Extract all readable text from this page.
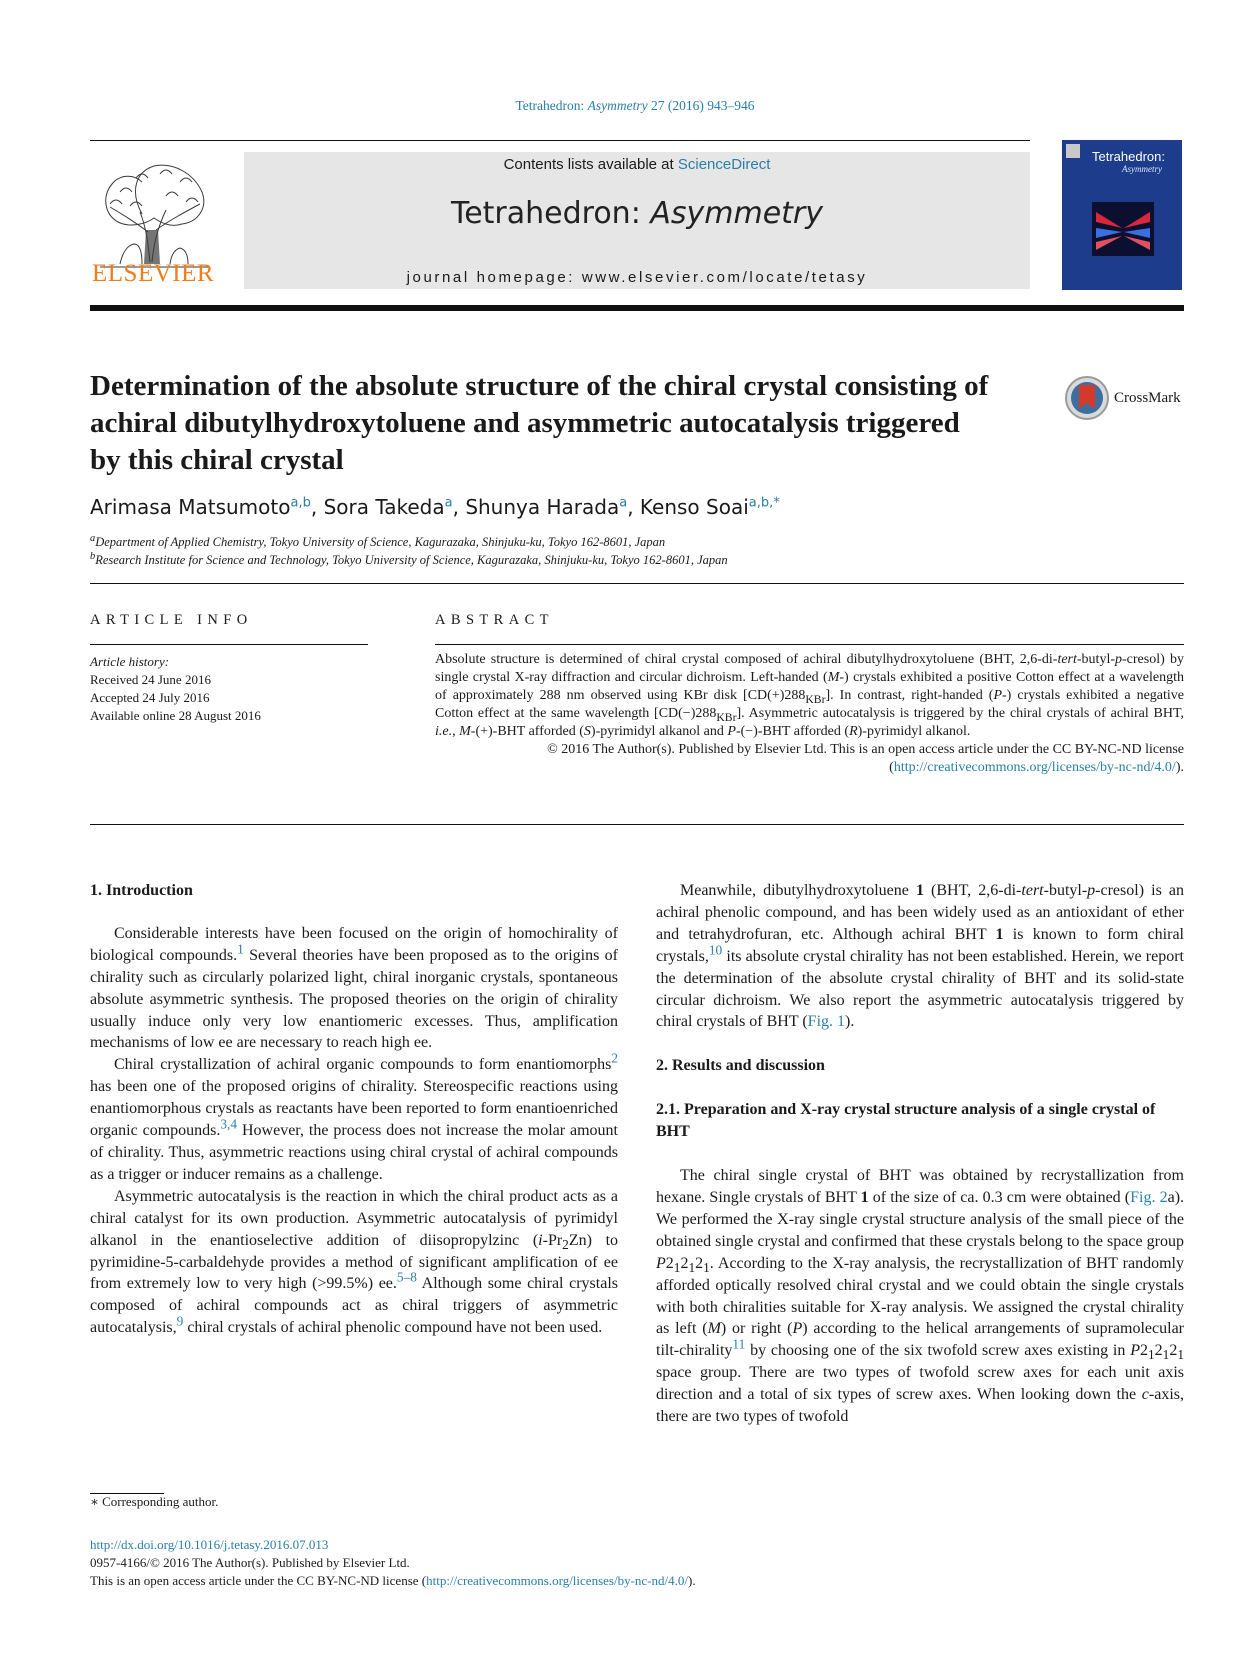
Tetrahedron: Asymmetry 27 (2016) 943–946
ELSEVIER
Contents lists available at ScienceDirect
Tetrahedron: Asymmetry
journal homepage: www.elsevier.com/locate/tetasy
Tetrahedron:
Asymmetry
Determination of the absolute structure of the chiral crystal consisting of achiral dibutylhydroxytoluene and asymmetric autocatalysis triggered by this chiral crystal
CrossMark
Arimasa Matsumoto$^{a,b}$, Sora Takeda$^a$, Shunya Harada$^a$, Kenso Soai$^{a,b,*}$
$^a$Department of Applied Chemistry, Tokyo University of Science, Kagurazaka, Shinjuku-ku, Tokyo 162-8601, Japan
$^b$Research Institute for Science and Technology, Tokyo University of Science, Kagurazaka, Shinjuku-ku, Tokyo 162-8601, Japan
ARTICLE INFO
Article history:
Received 24 June 2016
Accepted 24 July 2016
Available online 28 August 2016
ABSTRACT
Absolute structure is determined of chiral crystal composed of achiral dibutylhydroxytoluene (BHT, 2,6-di-tert-butyl-p-cresol) by single crystal X-ray diffraction and circular dichroism. Left-handed (M-) crystals exhibited a positive Cotton effect at a wavelength of approximately 288 nm observed using KBr disk $[CD(+)288_{KBr}]$. In contrast, right-handed (P-) crystals exhibited a negative Cotton effect at the same wavelength $[CD(-)288_{KBr}]$. Asymmetric autocatalysis is triggered by the chiral crystals of achiral BHT, i.e., M-(+)-BHT afforded (S)-pyrimidyl alkanol and P-(−)-BHT afforded (R)-pyrimidyl alkanol.
© 2016 The Author(s). Published by Elsevier Ltd. This is an open access article under the CC BY-NC-ND license (http://creativecommons.org/licenses/by-nc-nd/4.0/).
1. Introduction

Considerable interests have been focused on the origin of homochirality of biological compounds.$^1$ Several theories have been proposed as to the origins of chirality such as circularly polarized light, chiral inorganic crystals, spontaneous absolute asymmetric synthesis. The proposed theories on the origin of chirality usually induce only very low enantiomeric excesses. Thus, amplification mechanisms of low ee are necessary to reach high ee.

Chiral crystallization of achiral organic compounds to form enantiomorphs$^2$ has been one of the proposed origins of chirality. Stereospecific reactions using enantiomorphous crystals as reactants have been reported to form enantioenriched organic compounds.$^{3,4}$ However, the process does not increase the molar amount of chirality. Thus, asymmetric reactions using chiral crystal of achiral compounds as a trigger or inducer remains as a challenge.

Asymmetric autocatalysis is the reaction in which the chiral product acts as a chiral catalyst for its own production. Asymmetric autocatalysis of pyrimidyl alkanol in the enantioselective addition of diisopropylzinc $(i-Pr_2Zn)$ to pyrimidine-5-carbaldehyde provides a method of significant amplification of ee from extremely low to very high (>99.5%) ee.$^{5-8}$ Although some chiral crystals composed of achiral compounds act as chiral triggers of asymmetric autocatalysis,$^9$ chiral crystals of achiral phenolic compound have not been used.

Meanwhile, dibutylhydroxytoluene 1 (BHT, 2,6-di-tert-butyl-p-cresol) is an achiral phenolic compound, and has been widely used as an antioxidant of ether and tetrahydrofuran, etc. Although achiral BHT 1 is known to form chiral crystals,$^{10}$ its absolute crystal chirality has not been established. Herein, we report the determination of the absolute crystal chirality of BHT and its solid-state circular dichroism. We also report the asymmetric autocatalysis triggered by chiral crystals of BHT (Fig. 1).

2. Results and discussion
2.1. Preparation and X-ray crystal structure analysis of a single crystal of BHT

The chiral single crystal of BHT was obtained by recrystallization from hexane. Single crystals of BHT 1 of the size of ca. 0.3 cm were obtained (Fig. 2a). We performed the X-ray single crystal structure analysis of the small piece of the obtained single crystal and confirmed that these crystals belong to the space group $P2_12_12_1$. According to the X-ray analysis, the recrystallization of BHT randomly afforded optically resolved chiral crystal and we could obtain the single crystals with both chiralities suitable for X-ray analysis. We assigned the crystal chirality as left (M) or right (P) according to the helical arrangements of supramolecular tilt-chirality$^{11}$ by choosing one of the six twofold screw axes existing in $P2_12_12_1$ space group. There are two types of twofold screw axes for each unit axis direction and a total of six types of screw axes. When looking down the c-axis, there are two types of twofold

∗ Corresponding author.
http://dx.doi.org/10.1016/j.tetasy.2016.07.013
0957-4166/© 2016 The Author(s). Published by Elsevier Ltd.
This is an open access article under the CC BY-NC-ND license (http://creativecommons.org/licenses/by-nc-nd/4.0/).
